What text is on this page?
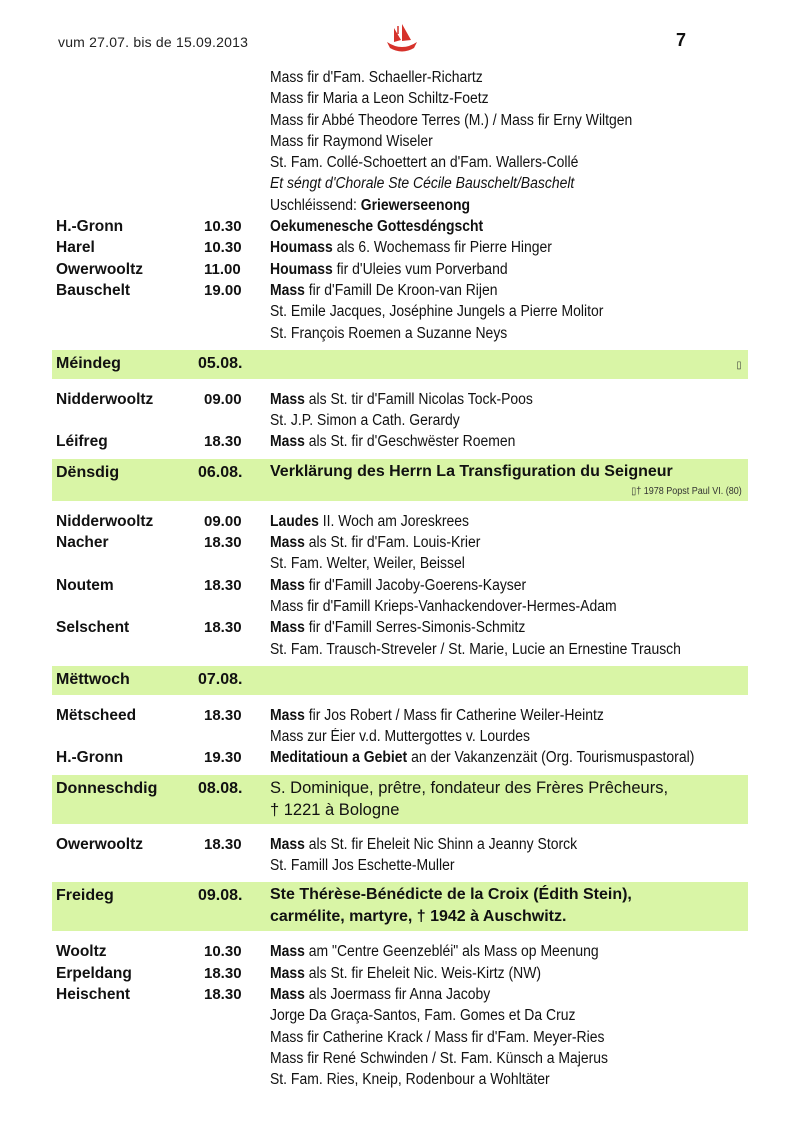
vum 27.07. bis de 15.09.2013	7
Mass fir d'Fam. Schaeller-Richartz
Mass fir Maria a Leon Schiltz-Foetz
Mass fir Abbé Theodore Terres (M.) / Mass fir Erny Wiltgen
Mass fir Raymond Wiseler
St. Fam. Collé-Schoettert an d'Fam. Wallers-Collé
Et séngt d'Chorale Ste Cécile Bauschelt/Baschelt
Uschléissend: Griewerseenong
H.-Gronn	10.30 Oekumenesche Gottesdéngscht
Harel	10.30 Houmass als 6. Wochemass fir Pierre Hinger
Owerwooltz	11.00 Houmass fir d'Uleies vum Porverband
Bauschelt	19.00 Mass fir d'Famill De Kroon-van Rijen
St. Emile Jacques, Joséphine Jungels a Pierre Molitor
St. François Roemen a Suzanne Neys
Méindeg	05.08.	▯
Nidderwooltz	09.00 Mass als St. tir d'Famill Nicolas Tock-Poos
St. J.P. Simon a Cath. Gerardy
Léifreg	18.30 Mass als St. fir d'Geschwëster Roemen
Dënsdig	06.08. Verklärung des Herrn La Transfiguration du Seigneur
▯† 1978 Popst Paul VI. (80)
Nidderwooltz	09.00 Laudes II. Woch am Joreskrees
Nacher	18.30 Mass als St. fir d'Fam. Louis-Krier
St. Fam. Welter, Weiler, Beissel
Noutem	18.30 Mass fir d'Famill Jacoby-Goerens-Kayser
Mass fir d'Famill Krieps-Vanhackendover-Hermes-Adam
Selschent	18.30 Mass fir d'Famill Serres-Simonis-Schmitz
St. Fam. Trausch-Streveler / St. Marie, Lucie an Ernestine Trausch
Mëttwoch	07.08.
Mëtscheed	18.30 Mass fir Jos Robert / Mass fir Catherine Weiler-Heintz
Mass zur Éier v.d. Muttergottes v. Lourdes
H.-Gronn	19.30 Meditatioun a Gebiet an der Vakanzenzäit (Org. Tourismuspastoral)
Donneschdig	08.08. S. Dominique, prêtre, fondateur des Frères Prêcheurs,
† 1221 à Bologne
Owerwooltz	18.30 Mass als St. fir Eheleit Nic Shinn a Jeanny Storck
St. Famill Jos Eschette-Muller
Freideg	09.08. Ste Thérèse-Bénédicte de la Croix (Édith Stein),
carmélite, martyre, † 1942 à Auschwitz.
Wooltz	10.30 Mass am "Centre Geenzebléi" als Mass op Meenung
Erpeldang	18.30 Mass als St. fir Eheleit Nic. Weis-Kirtz (NW)
Heischent	18.30 Mass als Joermass fir Anna Jacoby
Jorge Da Graça-Santos, Fam. Gomes et Da Cruz
Mass fir Catherine Krack / Mass fir d'Fam. Meyer-Ries
Mass fir René Schwinden / St. Fam. Künsch a Majerus
St. Fam. Ries, Kneip, Rodenbour a Wohltäter
